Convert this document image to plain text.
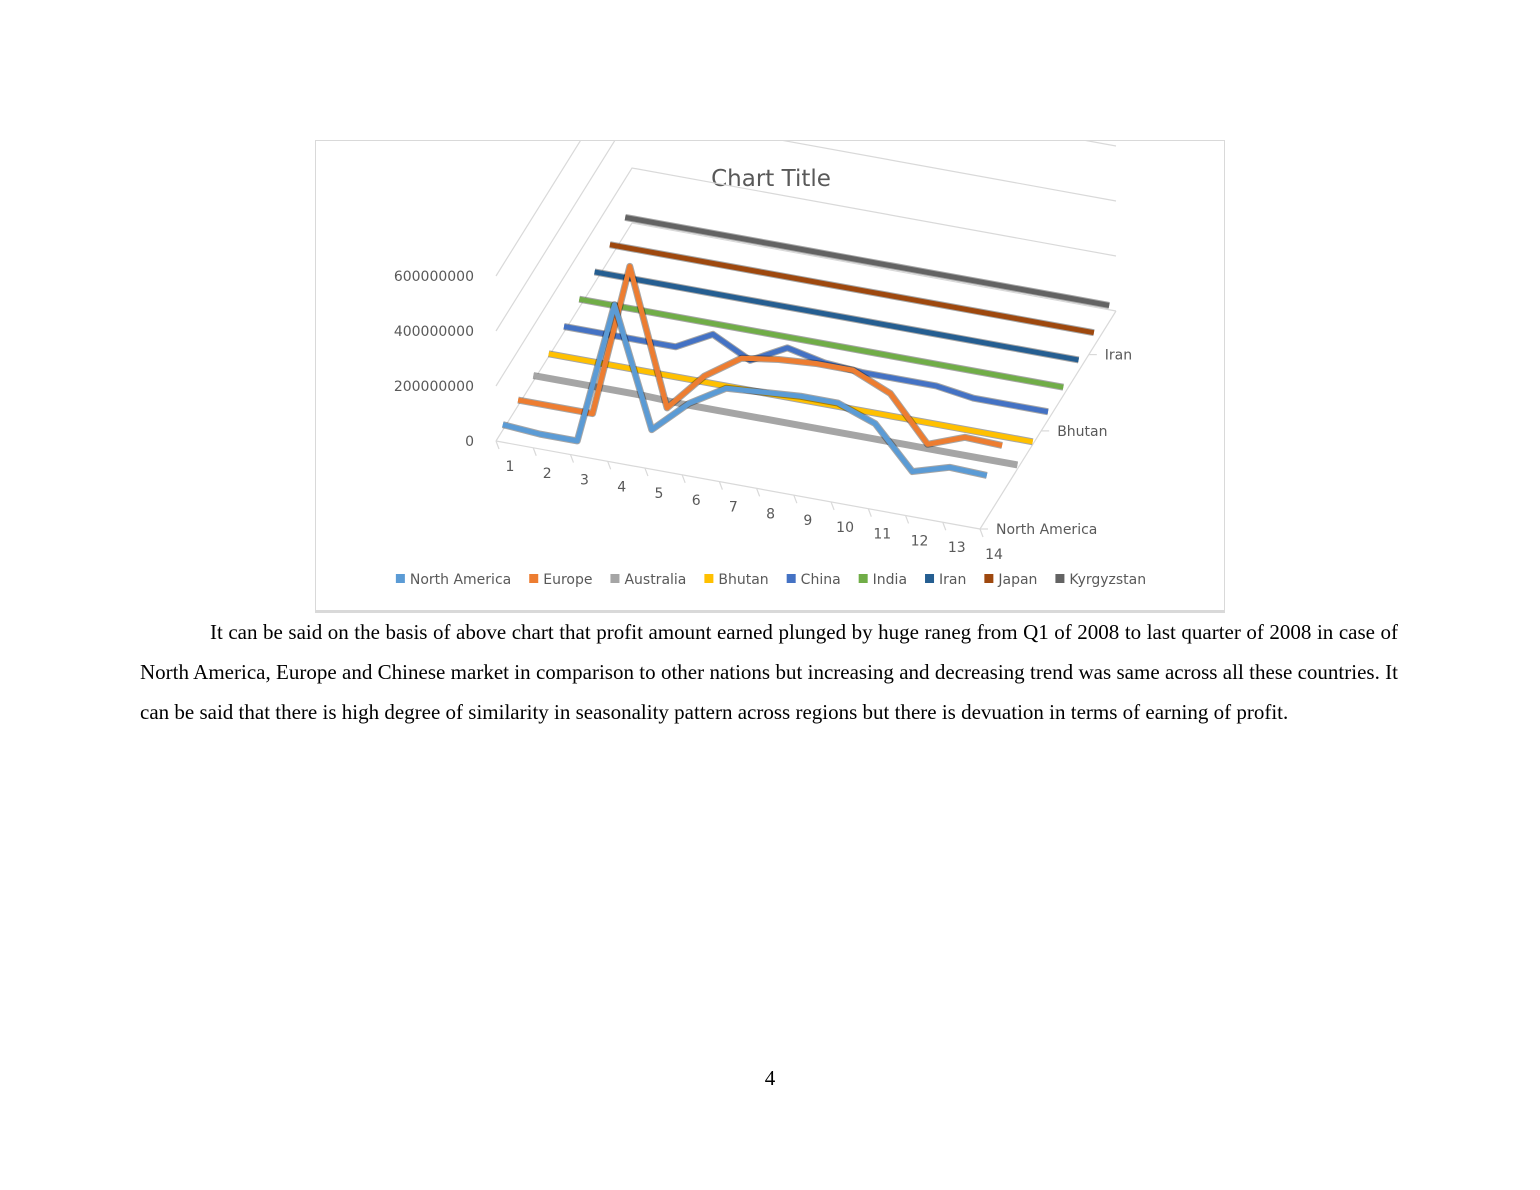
Chart Title
0
200000000
400000000
600000000
1 2 3 4 5 6 7 8 9 10 11 12 13 14
North America
Bhutan
Iran
North America Europe Australia Bhutan China India Iran Japan Kyrgyzstan

It can be said on the basis of above chart that profit amount earned plunged by huge raneg from Q1 of 2008 to last quarter of 2008 in case of North America, Europe and Chinese market in comparison to other nations but increasing and decreasing trend was same across all these countries. It can be said that there is high degree of similarity in seasonality pattern across regions but there is devuation in terms of earning of profit.

4
